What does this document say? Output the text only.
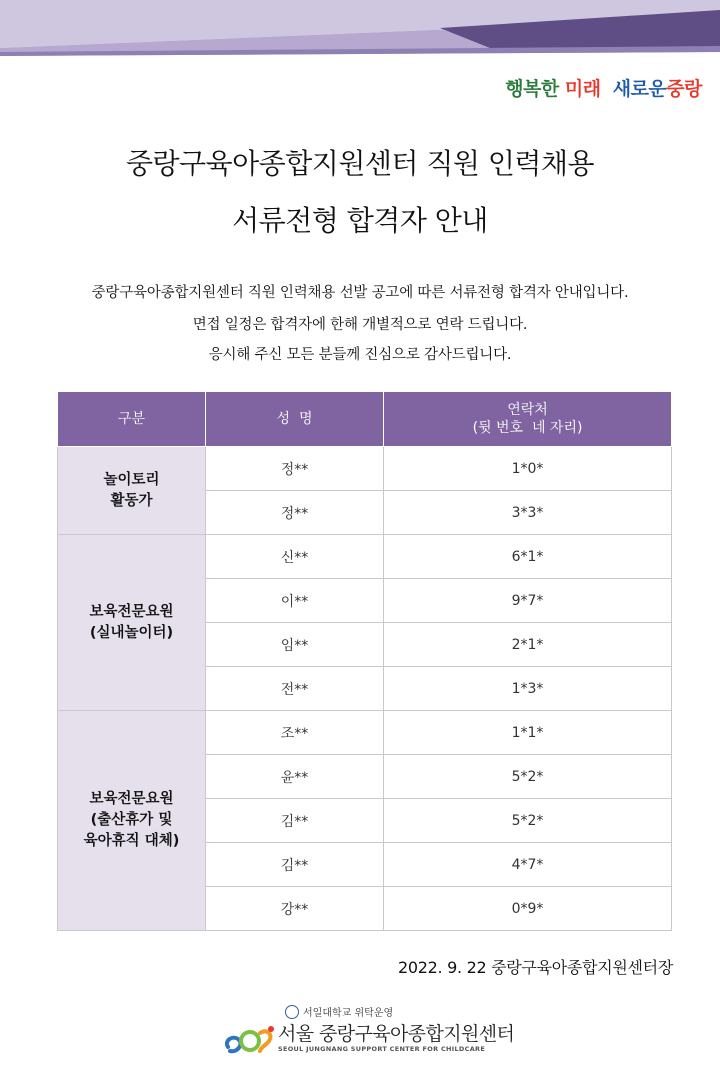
행복한 미래 새로운중랑
중랑구육아종합지원센터 직원 인력채용
서류전형 합격자 안내
중랑구육아종합지원센터 직원 인력채용 선발 공고에 따른 서류전형 합격자 안내입니다.
면접 일정은 합격자에 한해 개별적으로 연락 드립니다.
응시해 주신 모든 분들께 진심으로 감사드립니다.
구분	성  명	연락처
(뒷 번호  네 자리)

놀이토리
활동가	정**	1*0*
	정**	3*3*

보육전문요원
(실내놀이터)	신**	6*1*
	이**	9*7*
	임**	2*1*
	전**	1*3*

보육전문요원
(출산휴가 및
육아휴직 대체)	조**	1*1*
	윤**	5*2*
	김**	5*2*
	김**	4*7*
	강**	0*9*
2022. 9. 22 중랑구육아종합지원센터장
서일대학교 위탁운영
서울 중랑구육아종합지원센터
SEOUL JUNGNANG SUPPORT CENTER FOR CHILDCARE
